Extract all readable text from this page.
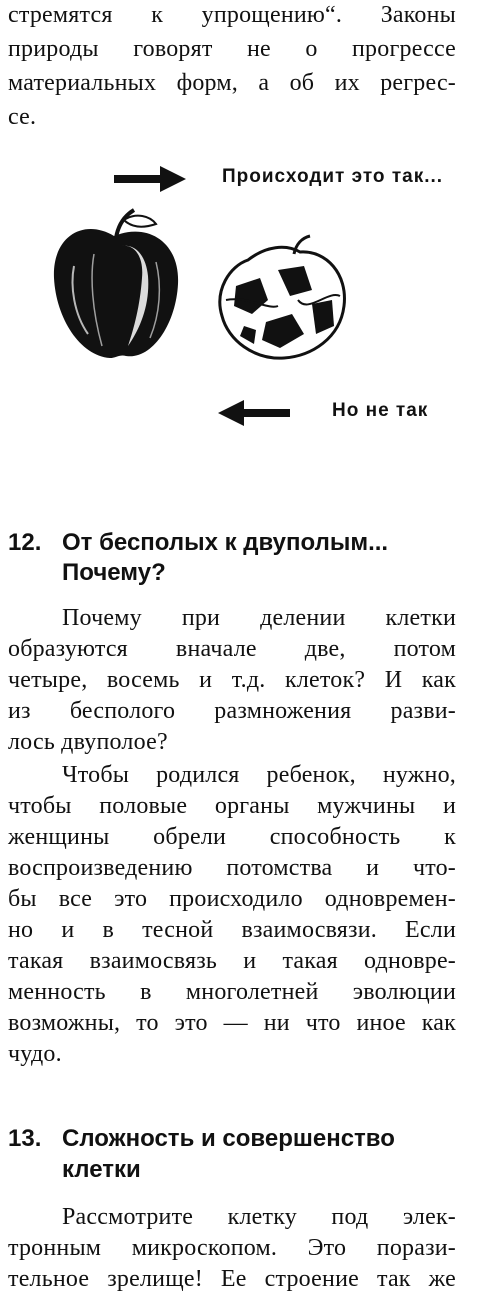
стремятся к упрощению“. Законы
природы говорят не о прогрессе
материальных форм, а об их регрес-
се.
Происходит это так...
Но не так
12. От бесполых к двуполым...
Почему?
Почему при делении клетки
образуются вначале две, потом
четыре, восемь и т.д. клеток? И как
из бесполого размножения разви-
лось двуполое?
Чтобы родился ребенок, нужно,
чтобы половые органы мужчины и
женщины обрели способность к
воспроизведению потомства и что-
бы все это происходило одновремен-
но и в тесной взаимосвязи. Если
такая взаимосвязь и такая одновре-
менность в многолетней эволюции
возможны, то это — ни что иное как
чудо.
13. Сложность и совершенство
клетки
Рассмотрите клетку под элек-
тронным микроскопом. Это порази-
тельное зрелище! Ее строение так же
